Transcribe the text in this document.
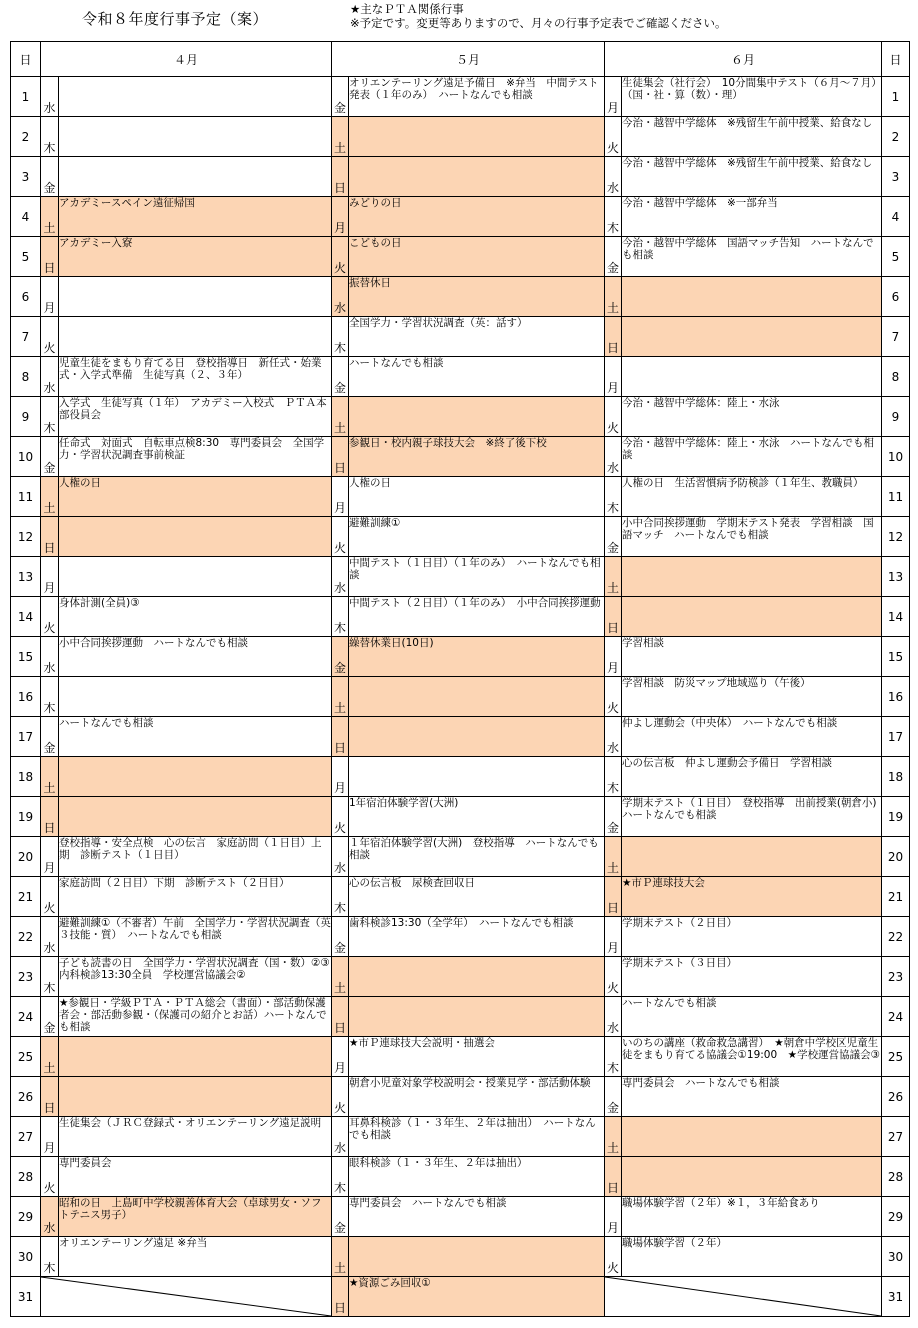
令和８年度行事予定（案）
★主なＰＴＡ関係行事
※予定です。変更等ありますので、月々の行事予定表でご確認ください。
日	４月		５月		６月		日
1	水		金	オリエンテーリング遠足予備日　※弁当　中間テスト発表（１年のみ）　ハートなんでも相談	月	生徒集会（社行会）　10分間集中テスト（６月～７月）（国・社・算（数）・理）	1
2	木		土		火	今治・越智中学総体　※残留生午前中授業、給食なし	2
3	金		日		水	今治・越智中学総体　※残留生午前中授業、給食なし	3
4	土	アカデミースペイン遠征帰国	月	みどりの日	木	今治・越智中学総体　※一部弁当	4
5	日	アカデミー入寮	火	こどもの日	金	今治・越智中学総体　国語マッチ告知　ハートなんでも相談	5
6	月		水	振替休日	土		6
7	火		木	全国学力・学習状況調査（英：話す）	日		7
8	水	児童生徒をまもり育てる日　登校指導日　新任式・始業式・入学式準備　生徒写真（２、３年）	金	ハートなんでも相談	月		8
9	木	入学式　生徒写真（１年）　アカデミー入校式　ＰＴＡ本部役員会	土		火	今治・越智中学総体：陸上・水泳	9
10	金	任命式　対面式　自転車点検8:30　専門委員会　全国学力・学習状況調査事前検証	日	参観日・校内親子球技大会　※終了後下校	水	今治・越智中学総体：陸上・水泳　ハートなんでも相談	10
11	土	人権の日	月	人権の日	木	人権の日　生活習慣病予防検診（１年生、教職員）	11
12	日		火	避難訓練①	金	小中合同挨拶運動　学期末テスト発表　学習相談　国語マッチ　ハートなんでも相談	12
13	月		水	中間テスト（１日目）（１年のみ）　ハートなんでも相談	土		13
14	火	身体計測(全員)③	木	中間テスト（２日目）（１年のみ）　小中合同挨拶運動	日		14
15	水	小中合同挨拶運動　ハートなんでも相談	金	繰替休業日(10日)	月	学習相談	15
16	木		土		火	学習相談　防災マップ地域巡り（午後）	16
17	金	ハートなんでも相談	日		水	仲よし運動会（中央体）　ハートなんでも相談	17
18	土		月		木	心の伝言板　仲よし運動会予備日　学習相談	18
19	日		火	1年宿泊体験学習(大洲)	金	学期末テスト（１日目）　登校指導　出前授業(朝倉小)　ハートなんでも相談	19
20	月	登校指導・安全点検　心の伝言　家庭訪問（１日目）上期　診断テスト（１日目）	水	１年宿泊体験学習(大洲)　登校指導　ハートなんでも相談	土		20
21	火	家庭訪問（２日目）下期　診断テスト（２日目）	木	心の伝言板　尿検査回収日	日	★市Ｐ連球技大会	21
22	水	避難訓練①（不審者）午前　全国学力・学習状況調査（英３技能・質）　ハートなんでも相談	金	歯科検診13:30（全学年）　ハートなんでも相談	月	学期末テスト（２日目）	22
23	木	子ども読書の日　全国学力・学習状況調査（国・数）②③　内科検診13:30全員　学校運営協議会②	土		火	学期末テスト（３日目）	23
24	金	★参観日・学級ＰＴＡ・ＰＴＡ総会（書面）・部活動保護者会・部活動参観・（保護司の紹介とお話）ハートなんでも相談	日		水	ハートなんでも相談	24
25	土		月	★市Ｐ連球技大会説明・抽選会	木	いのちの講座（救命救急講習）　★朝倉中学校区児童生徒をまもり育てる協議会①19:00　★学校運営協議会③	25
26	日		火	朝倉小児童対象学校説明会・授業見学・部活動体験	金	専門委員会　ハートなんでも相談	26
27	月	生徒集会（ＪＲＣ登録式・オリエンテーリング遠足説明	水	耳鼻科検診（１・３年生、２年は抽出）　ハートなんでも相談	土		27
28	火	専門委員会	木	眼科検診（１・３年生、２年は抽出）	日		28
29	水	昭和の日　上島町中学校親善体育大会（卓球男女・ソフトテニス男子）	金	専門委員会　ハートなんでも相談	月	職場体験学習（２年）※１，３年給食あり	29
30	木	オリエンテーリング遠足 ※弁当	土		火	職場体験学習（２年）	30
31			日	★資源ごみ回収①			31
